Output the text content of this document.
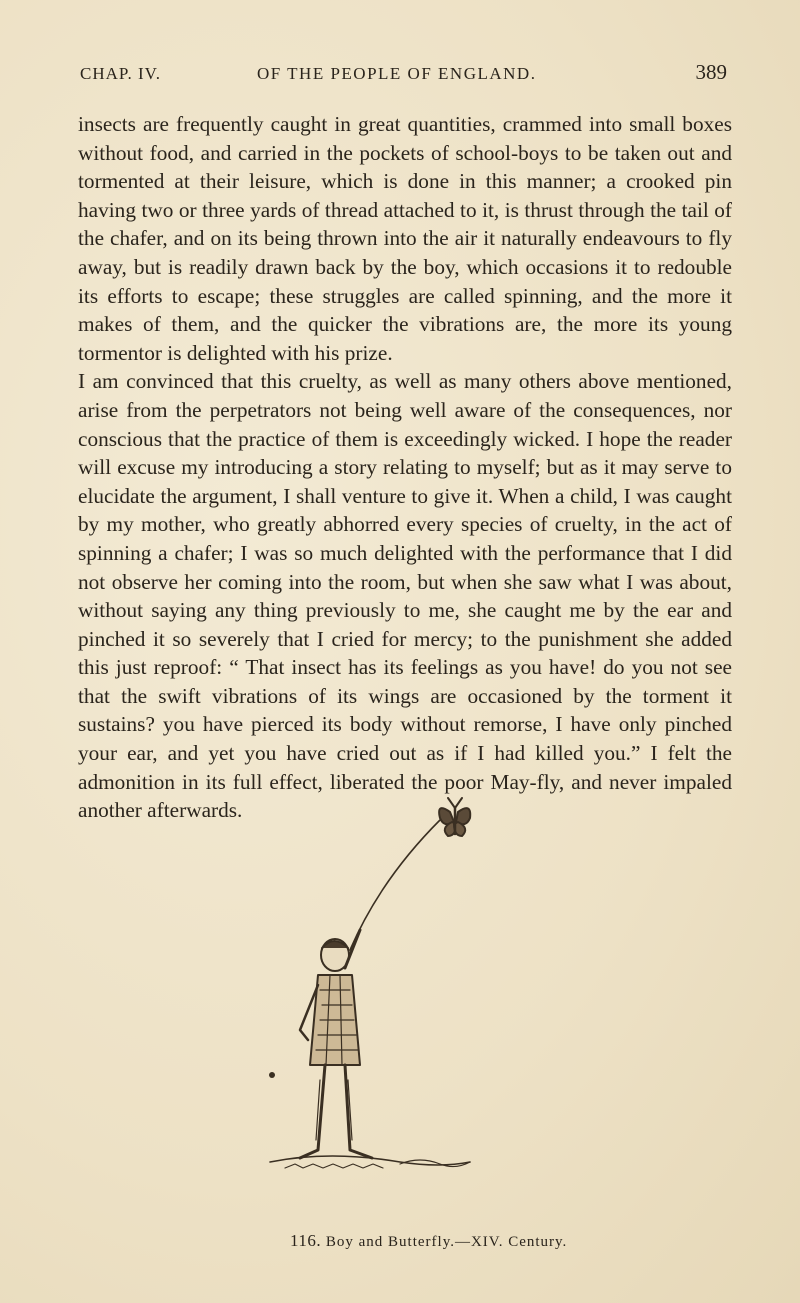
CHAP. IV.	OF THE PEOPLE OF ENGLAND.	389

insects are frequently caught in great quantities, crammed into small boxes without food, and carried in the pockets of school-boys to be taken out and tormented at their leisure, which is done in this manner; a crooked pin having two or three yards of thread attached to it, is thrust through the tail of the chafer, and on its being thrown into the air it naturally endeavours to fly away, but is readily drawn back by the boy, which occasions it to redouble its efforts to escape; these struggles are called spinning, and the more it makes of them, and the quicker the vibrations are, the more its young tormentor is delighted with his prize.

I am convinced that this cruelty, as well as many others above mentioned, arise from the perpetrators not being well aware of the consequences, nor conscious that the practice of them is exceedingly wicked. I hope the reader will excuse my introducing a story relating to myself; but as it may serve to elucidate the argument, I shall venture to give it. When a child, I was caught by my mother, who greatly abhorred every species of cruelty, in the act of spinning a chafer; I was so much delighted with the performance that I did not observe her coming into the room, but when she saw what I was about, without saying any thing previously to me, she caught me by the ear and pinched it so severely that I cried for mercy; to the punishment she added this just reproof: “ That insect has its feelings as you have! do you not see that the swift vibrations of its wings are occasioned by the torment it sustains? you have pierced its body without remorse, I have only pinched your ear, and yet you have cried out as if I had killed you.” I felt the admonition in its full effect, liberated the poor May-fly, and never impaled another afterwards.

116. Boy and Butterfly.—XIV. Century.
